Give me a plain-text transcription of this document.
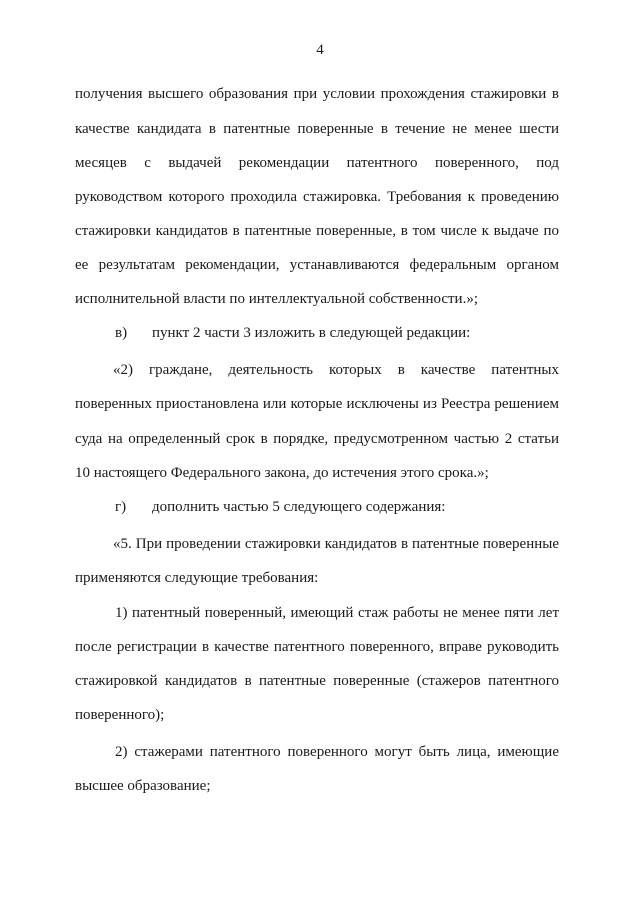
4
получения высшего образования при условии прохождения стажировки в
качестве кандидата в патентные поверенные в течение не менее шести
месяцев с выдачей рекомендации патентного поверенного, под
руководством которого проходила стажировка. Требования к проведению
стажировки кандидатов в патентные поверенные, в том числе к выдаче по
ее результатам рекомендации, устанавливаются федеральным органом
исполнительной власти по интеллектуальной собственности.»;
в) пункт 2 части 3 изложить в следующей редакции:
«2) граждане, деятельность которых в качестве патентных
поверенных приостановлена или которые исключены из Реестра решением
суда на определенный срок в порядке, предусмотренном частью 2 статьи
10 настоящего Федерального закона, до истечения этого срока.»;
г) дополнить частью 5 следующего содержания:
«5. При проведении стажировки кандидатов в патентные поверенные
применяются следующие требования:
1) патентный поверенный, имеющий стаж работы не менее пяти лет
после регистрации в качестве патентного поверенного, вправе руководить
стажировкой кандидатов в патентные поверенные (стажеров патентного
поверенного);
2) стажерами патентного поверенного могут быть лица, имеющие
высшее образование;
